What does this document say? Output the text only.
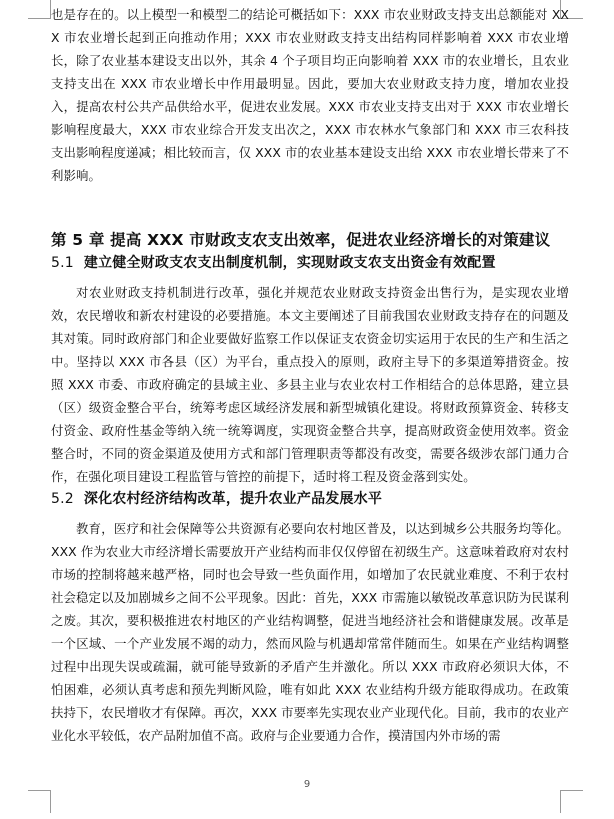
也是存在的。以上模型一和模型二的结论可概括如下：XXX 市农业财政支持支出总额能对 XXX 市农业增长起到正向推动作用；XXX 市农业财政支持支出结构同样影响着 XXX 市农业增长，除了农业基本建设支出以外，其余 4 个子项目均正向影响着 XXX 市的农业增长，且农业支持支出在 XXX 市农业增长中作用最明显。因此，要加大农业财政支持力度，增加农业投入，提高农村公共产品供给水平，促进农业发展。XXX 市农业支持支出对于 XXX 市农业增长影响程度最大，XXX 市农业综合开发支出次之，XXX 市农林水气象部门和 XXX 市三农科技支出影响程度递减；相比较而言，仅 XXX 市的农业基本建设支出给 XXX 市农业增长带来了不利影响。

第 5 章 提高 XXX 市财政支农支出效率，促进农业经济增长的对策建议
5.1 建立健全财政支农支出制度机制，实现财政支农支出资金有效配置

对农业财政支持机制进行改革，强化并规范农业财政支持资金出售行为，是实现农业增效，农民增收和新农村建设的必要措施。本文主要阐述了目前我国农业财政支持存在的问题及其对策。同时政府部门和企业要做好监察工作以保证支农资金切实运用于农民的生产和生活之中。坚持以 XXX 市各县（区）为平台，重点投入的原则，政府主导下的多渠道筹措资金。按照 XXX 市委、市政府确定的县域主业、多县主业与农业农村工作相结合的总体思路，建立县（区）级资金整合平台，统筹考虑区域经济发展和新型城镇化建设。将财政预算资金、转移支付资金、政府性基金等纳入统一统筹调度，实现资金整合共享，提高财政资金使用效率。资金整合时，不同的资金渠道及使用方式和部门管理职责等都没有改变，需要各级涉农部门通力合作，在强化项目建设工程监管与管控的前提下，适时将工程及资金落到实处。

5.2 深化农村经济结构改革，提升农业产品发展水平

教育，医疗和社会保障等公共资源有必要向农村地区普及，以达到城乡公共服务均等化。XXX 作为农业大市经济增长需要放开产业结构而非仅仅停留在初级生产。这意味着政府对农村市场的控制将越来越严格，同时也会导致一些负面作用，如增加了农民就业难度、不利于农村社会稳定以及加剧城乡之间不公平现象。因此：首先，XXX 市需施以敏锐改革意识防为民谋利之废。其次，要积极推进农村地区的产业结构调整，促进当地经济社会和谐健康发展。改革是一个区域、一个产业发展不竭的动力，然而风险与机遇却常常伴随而生。如果在产业结构调整过程中出现失误或疏漏，就可能导致新的矛盾产生并激化。所以 XXX 市政府必须识大体，不怕困难，必须认真考虑和预先判断风险，唯有如此 XXX 农业结构升级方能取得成功。在政策扶持下，农民增收才有保障。再次，XXX 市要率先实现农业产业现代化。目前，我市的农业产业化水平较低，农产品附加值不高。政府与企业要通力合作，摸清国内外市场的需

9
